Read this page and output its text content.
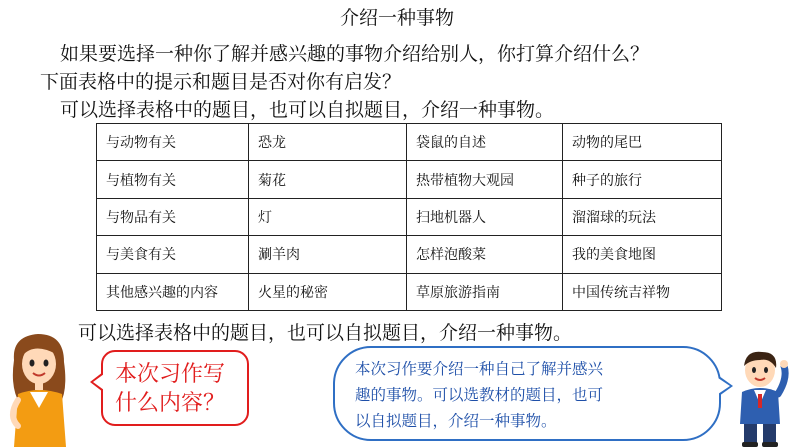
介绍一种事物
如果要选择一种你了解并感兴趣的事物介绍给别人，你打算介绍什么？
下面表格中的提示和题目是否对你有启发？
可以选择表格中的题目，也可以自拟题目，介绍一种事物。
与动物有关	恐龙	袋鼠的自述	动物的尾巴
与植物有关	菊花	热带植物大观园	种子的旅行
与物品有关	灯	扫地机器人	溜溜球的玩法
与美食有关	涮羊肉	怎样泡酸菜	我的美食地图
其他感兴趣的内容	火星的秘密	草原旅游指南	中国传统吉祥物
可以选择表格中的题目，也可以自拟题目，介绍一种事物。
本次习作写
什么内容？
本次习作要介绍一种自己了解并感兴
趣的事物。可以选教材的题目，也可
以自拟题目，介绍一种事物。
